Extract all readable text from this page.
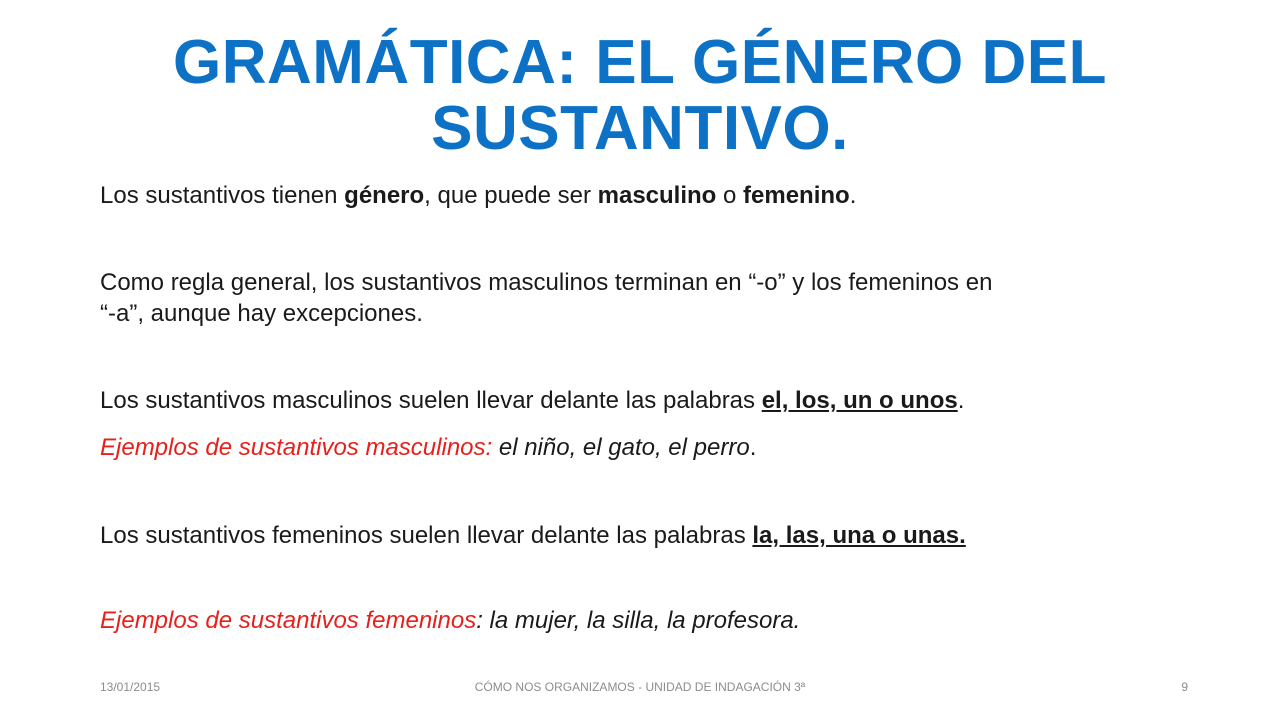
GRAMÁTICA: EL GÉNERO DEL
SUSTANTIVO.

Los sustantivos tienen género, que puede ser masculino o femenino.

Como regla general, los sustantivos masculinos terminan en “-o” y los femeninos en
“-a”, aunque hay excepciones.

Los sustantivos masculinos suelen llevar delante las palabras el, los, un o unos.

Ejemplos de sustantivos masculinos: el niño, el gato, el perro.

Los sustantivos femeninos suelen llevar delante las palabras la, las, una o unas.

Ejemplos de sustantivos femeninos: la mujer, la silla, la profesora.

13/01/2015	CÓMO NOS ORGANIZAMOS - UNIDAD DE INDAGACIÓN 3ª	9
